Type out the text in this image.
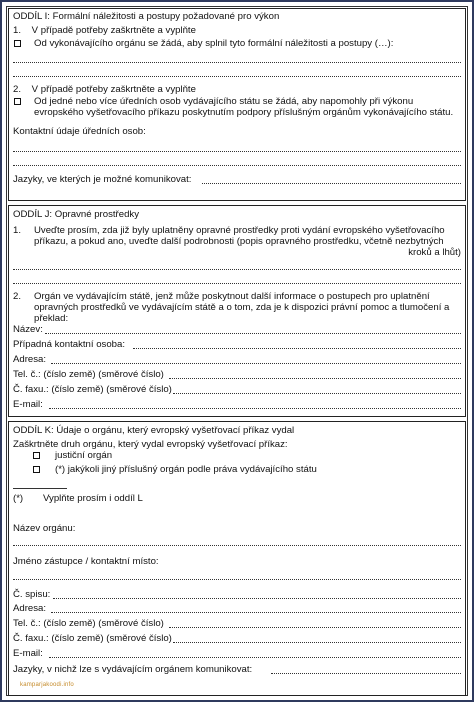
ODDÍL I: Formální náležitosti a postupy požadované pro výkon
1.    V případě potřeby zaškrtněte a vyplňte
Od vykonávajícího orgánu se žádá, aby splnil tyto formální náležitosti a postupy (…):
2.    V případě potřeby zaškrtněte a vyplňte
Od jedné nebo více úředních osob vydávajícího státu se žádá, aby napomohly při výkonu
evropského vyšetřovacího příkazu poskytnutím podpory příslušným orgánům vykonávajícího státu.
Kontaktní údaje úředních osob:
Jazyky, ve kterých je možné komunikovat:
ODDÍL J: Opravné prostředky
1. Uveďte prosím, zda již byly uplatněny opravné prostředky proti vydání evropského vyšetřovacího
příkazu, a pokud ano, uveďte další podrobnosti (popis opravného prostředku, včetně nezbytných
kroků a lhůt)
2. Orgán ve vydávajícím státě, jenž může poskytnout další informace o postupech pro uplatnění
opravných prostředků ve vydávajícím státě a o tom, zda je k dispozici právní pomoc a tlumočení a
překlad:
Název:
Případná kontaktní osoba:
Adresa:
Tel. č.: (číslo země) (směrové číslo)
Č. faxu.: (číslo země) (směrové číslo)
E-mail:
ODDÍL K: Údaje o orgánu, který evropský vyšetřovací příkaz vydal
Zaškrtněte druh orgánu, který vydal evropský vyšetřovací příkaz:
justiční orgán
(*) jakýkoli jiný příslušný orgán podle práva vydávajícího státu
(*) Vyplňte prosím i oddíl L
Název orgánu:
Jméno zástupce / kontaktní místo:
Č. spisu:
Adresa:
Tel. č.: (číslo země) (směrové číslo)
Č. faxu.: (číslo země) (směrové číslo)
E-mail:
Jazyky, v nichž lze s vydávajícím orgánem komunikovat:
kamparjakoodi.info
